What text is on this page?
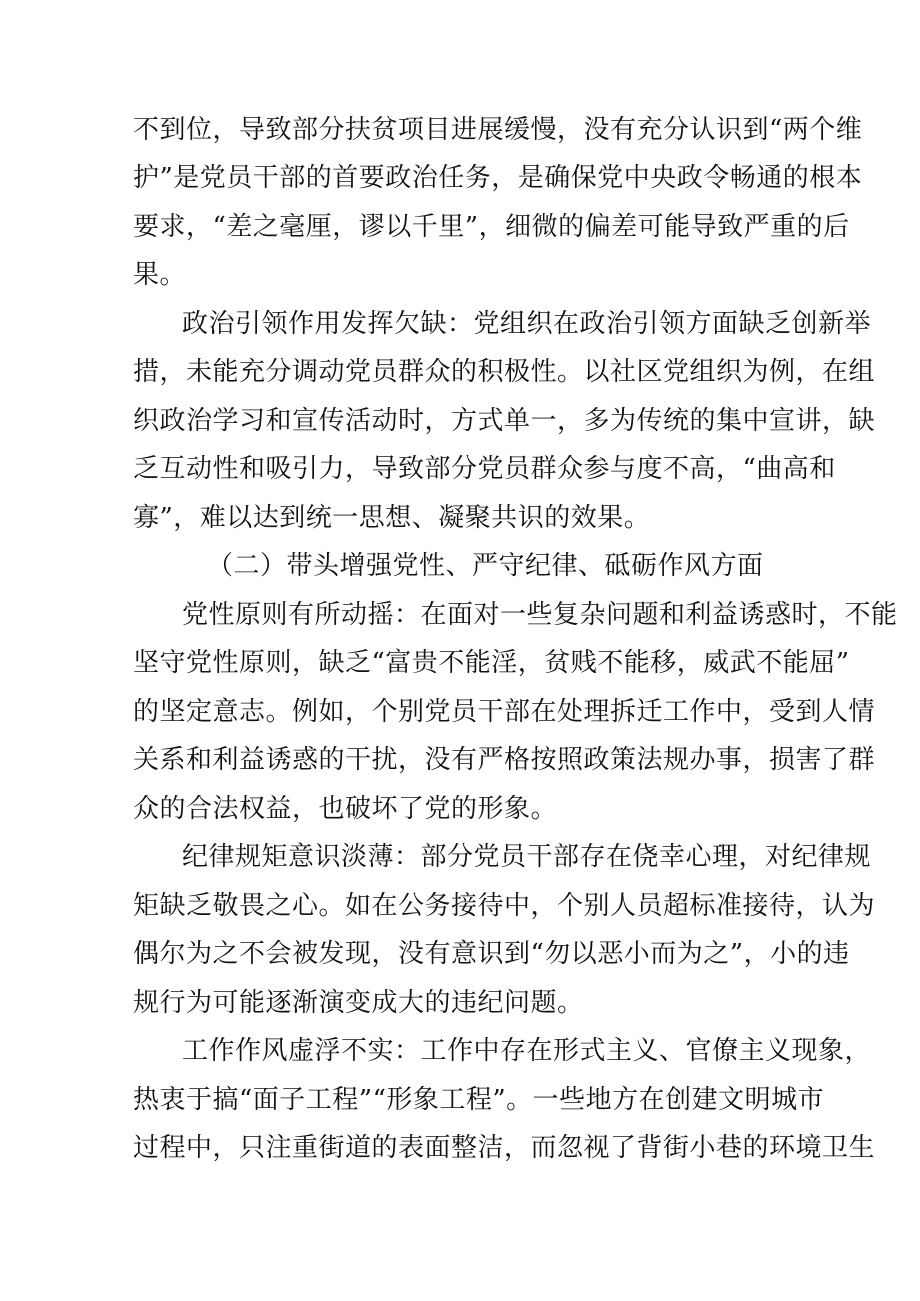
不到位，导致部分扶贫项目进展缓慢，没有充分认识到“两个维
护”是党员干部的首要政治任务，是确保党中央政令畅通的根本
要求，“差之毫厘，谬以千里”，细微的偏差可能导致严重的后
果。
政治引领作用发挥欠缺：党组织在政治引领方面缺乏创新举
措，未能充分调动党员群众的积极性。以社区党组织为例，在组
织政治学习和宣传活动时，方式单一，多为传统的集中宣讲，缺
乏互动性和吸引力，导致部分党员群众参与度不高，“曲高和
寡”，难以达到统一思想、凝聚共识的效果。
（二）带头增强党性、严守纪律、砥砺作风方面
党性原则有所动摇：在面对一些复杂问题和利益诱惑时，不能
坚守党性原则，缺乏“富贵不能淫，贫贱不能移，威武不能屈”
的坚定意志。例如，个别党员干部在处理拆迁工作中，受到人情
关系和利益诱惑的干扰，没有严格按照政策法规办事，损害了群
众的合法权益，也破坏了党的形象。
纪律规矩意识淡薄：部分党员干部存在侥幸心理，对纪律规
矩缺乏敬畏之心。如在公务接待中，个别人员超标准接待，认为
偶尔为之不会被发现，没有意识到“勿以恶小而为之”，小的违
规行为可能逐渐演变成大的违纪问题。
工作作风虚浮不实：工作中存在形式主义、官僚主义现象，
热衷于搞“面子工程”“形象工程”。一些地方在创建文明城市
过程中，只注重街道的表面整洁，而忽视了背街小巷的环境卫生
